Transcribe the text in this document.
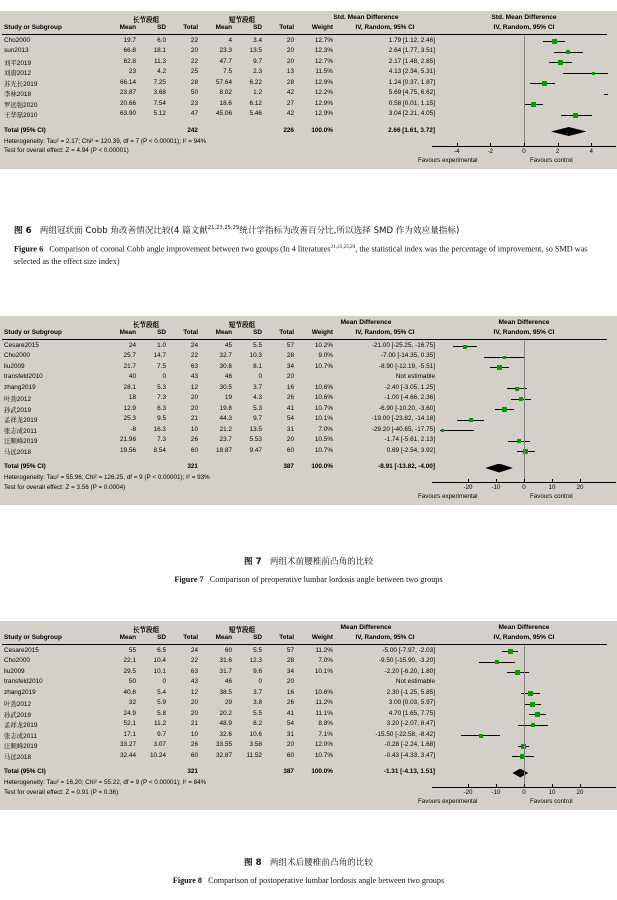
长节段组	短节段组	Std. Mean Difference	Std. Mean Difference
IV, Random, 95% CI
Study or Subgroup	Mean	SD	Total	Mean	SD	Total	Weight	IV, Random, 95% CI
Cho2000	19.7	6.0	22	4	3.4	20	12.7%	1.79 [1.12, 2.46]
sun2013	66.8	18.1	20	23.3	13.5	20	12.3%	2.64 [1.77, 3.51]
刘平2019	62.8	11.3	22	47.7	9.7	20	12.7%	2.17 [1.48, 2.85]
刘唐2012	23	4.2	25	7.5	2.3	13	11.5%	4.13 [2.34, 5.31]
苏光长2019	66.14	7.25	28	57.64	6.22	28	12.9%	1.24 [0.37, 1.87]
李林2018	23.87	3.68	50	8.02	1.2	42	12.2%	5.69 [4.75, 6.62]
罗远强2020	20.66	7.54	23	18.6	6.12	27	12.9%	0.58 [0.01, 1.15]
王华磊2010	63.90	5.12	47	45.06	5.46	42	12.9%	3.04 [2.21, 4.05]
Total (95% CI)	242	226	100.0%	2.66 [1.61, 3.72]
Heterogeneity: Tau² = 2.17; Chi² = 120.39, df = 7 (P < 0.00001); I² = 94%
Test for overall effect: Z = 4.94 (P < 0.00001)	-4	-2	0	2	4
Favours experimental	Favours control
图 6 两组冠状面 Cobb 角改善情况比较(4 篇文献$^{21,23,25,29}$统计学指标为改善百分比,所以选择 SMD 作为效应量指标)
Figure 6 Comparison of coronal Cobb angle improvement between two groups (In 4 literatures$^{21,23,25,29}$, the statistical index was the percentage of improvement, so SMD was selected as the effect size index)
长节段组	短节段组	Mean Difference	Mean Difference
IV, Random, 95% CI
Study or Subgroup	Mean	SD	Total	Mean	SD	Total	Weight	IV, Random, 95% CI
Cesare2015	24	1.0	24	45	5.5	57	10.2%	-21.00 [-25.25, -16.75]
Cho2000	25.7	14.7	22	32.7	10.3	28	9.0%	-7.00 [-14.35, 0.35]
liu2009	21.7	7.5	63	30.6	8.1	34	10.7%	-8.90 [-12.19, -5.51]
transfeld2010	40	0	43	46	0	20	Not estimable
zhang2019	28.1	5.3	12	30.5	3.7	16	10.6%	-2.40 [-3.05, 1.25]
叶劲2012	18	7.3	20	19	4.3	26	10.6%	-1.00 [-4.66, 2.36]
孙武2019	12.9	6.3	20	19.8	5.3	41	10.7%	-6.90 [-10.20, -3.60]
孟祥龙2019	25.3	9.5	21	44.3	9.7	54	10.1%	-19.00 [-23.82, -14.18]
张志成2011	-8	16.3	10	21.2	13.5	31	7.0%	-29.20 [-40.65, -17.75]
汪顺峰2019	21.96	7.3	26	23.7	5.53	20	10.5%	-1.74 [-5.61, 2.13]
马远2018	19.56	8.54	60	18.87	9.47	60	10.7%	0.69 [-2.54, 3.92]
Total (95% CI)	321	387	100.0%	-8.91 [-13.82, -4.00]
Heterogeneity: Tau² = 55.96; Chi² = 126.25, df = 9 (P < 0.00001); I² = 93%
Test for overall effect: Z = 3.56 (P = 0.0004)	-20	-10	0	10	20
Favours experimental	Favours control
图 7 两组术前腰椎前凸角的比较
Figure 7 Comparison of preoperative lumbar lordosis angle between two groups
长节段组	短节段组	Mean Difference	Mean Difference
IV, Random, 95% CI
Study or Subgroup	Mean	SD	Total	Mean	SD	Total	Weight	IV, Random, 95% CI
Cesare2015	55	6.5	24	60	5.5	57	11.2%	-5.00 [-7.97, -2.03]
Cho2000	22.1	10.4	22	31.6	12.3	28	7.0%	-9.50 [-15.90, -3.20]
liu2009	29.5	10.1	63	31.7	9.6	34	10.1%	-2.20 [-6.20, 1.80]
transfeld2010	50	0	43	46	0	20	Not estimable
zhang2019	40.8	5.4	12	38.5	3.7	16	10.6%	2.30 [-1.25, 5.85]
叶劲2012	32	5.9	20	29	3.8	26	11.2%	3.00 [0.03, 5.97]
孙武2019	24.9	5.8	20	20.2	5.5	41	11.1%	4.70 [1.65, 7.75]
孟祥龙2019	52.1	11.2	21	48.9	8.2	54	8.8%	3.20 [-2.07, 8.47]
张志成2011	17.1	9.7	10	32.6	10.6	31	7.1%	-15.50 [-22.58, -8.42]
汪顺峰2019	33.27	3.07	26	33.55	3.58	20	12.0%	-0.28 [-2.24, 1.68]
马远2018	32.44	10.24	60	32.87	11.52	60	10.7%	-0.43 [-4.33, 3.47]
Total (95% CI)	321	387	100.0%	-1.31 [-4.13, 1.51]
Heterogeneity: Tau² = 16.20; Chi² = 55.22, df = 9 (P < 0.00001); I² = 84%
Test for overall effect: Z = 0.91 (P = 0.36)	-20	-10	0	10	20
Favours experimental	Favours control
图 8 两组术后腰椎前凸角的比较
Figure 8 Comparison of postoperative lumbar lordosis angle between two groups
